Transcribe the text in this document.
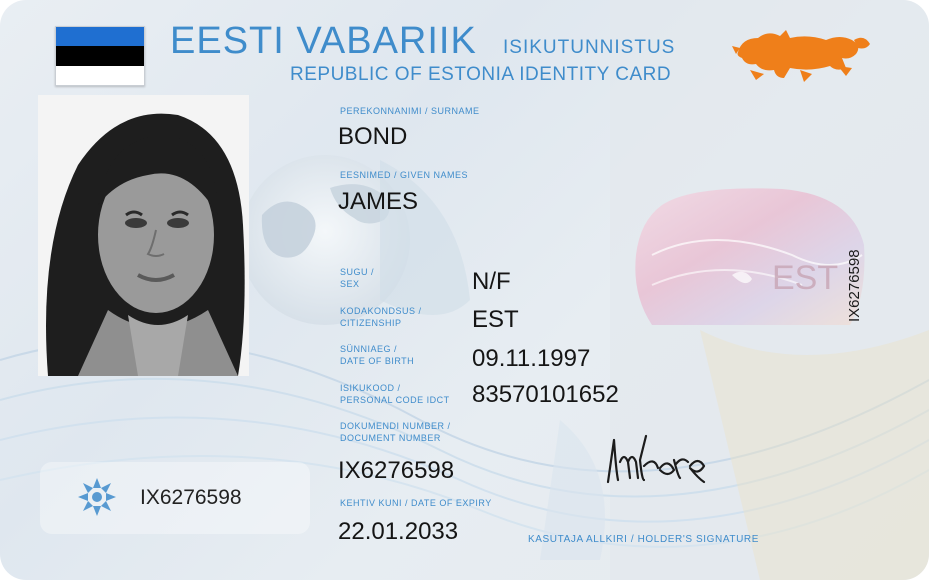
EESTI VABARIIK ISIKUTUNNISTUS
REPUBLIC OF ESTONIA IDENTITY CARD
PEREKONNANIMI / SURNAME
BOND
EESNIMED / GIVEN NAMES
JAMES
SUGU /
SEX	N/F
KODAKONDSUS /
CITIZENSHIP	EST
SÜNNIAEG /
DATE OF BIRTH 09.11.1997
ISIKUKOOD /
PERSONAL CODE IDCT 83570101652
DOKUMENDI NUMBER /
DOCUMENT NUMBER
IX6276598
KEHTIV KUNI / DATE OF EXPIRY
22.01.2033
EST IX6276598
KASUTAJA ALLKIRI / HOLDER'S SIGNATURE
IX6276598
